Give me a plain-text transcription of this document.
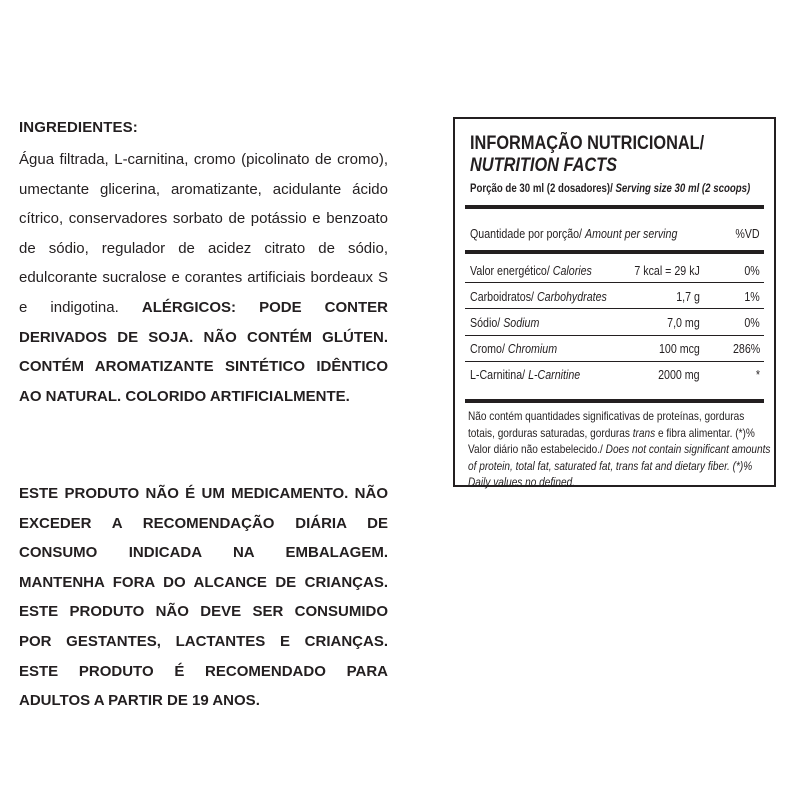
INGREDIENTES:

Água filtrada, L-carnitina, cromo (picolinato de cromo), umectante glicerina, aromatizante, acidulante ácido cítrico, conservadores sorbato de potássio e benzoato de sódio, regulador de acidez citrato de sódio, edulcorante sucralose e corantes artificiais bordeaux S e indigotina. ALÉRGICOS: PODE CONTER DERIVADOS DE SOJA. NÃO CONTÉM GLÚTEN. CONTÉM AROMATIZANTE SINTÉTICO IDÊNTICO AO NATURAL. COLORIDO ARTIFICIALMENTE.

ESTE PRODUTO NÃO É UM MEDICAMENTO. NÃO EXCEDER A RECOMENDAÇÃO DIÁRIA DE CONSUMO INDICADA NA EMBALAGEM. MANTENHA FORA DO ALCANCE DE CRIANÇAS. ESTE PRODUTO NÃO DEVE SER CONSUMIDO POR GESTANTES, LACTANTES E CRIANÇAS. ESTE PRODUTO É RECOMENDADO PARA ADULTOS A PARTIR DE 19 ANOS.

INFORMAÇÃO NUTRICIONAL/
NUTRITION FACTS
Porção de 30 ml (2 dosadores)/ Serving size 30 ml (2 scoops)
Quantidade por porção/ Amount per serving	%VD
Valor energético/ Calories	7 kcal = 29 kJ	0%
Carboidratos/ Carbohydrates	1,7 g	1%
Sódio/ Sodium	7,0 mg	0%
Cromo/ Chromium	100 mcg	286%
L-Carnitina/ L-Carnitine	2000 mg	*
Não contém quantidades significativas de proteínas, gorduras totais, gorduras saturadas, gorduras trans e fibra alimentar. (*)% Valor diário não estabelecido./ Does not contain significant amounts of protein, total fat, saturated fat, trans fat and dietary fiber. (*)% Daily values no defined.
